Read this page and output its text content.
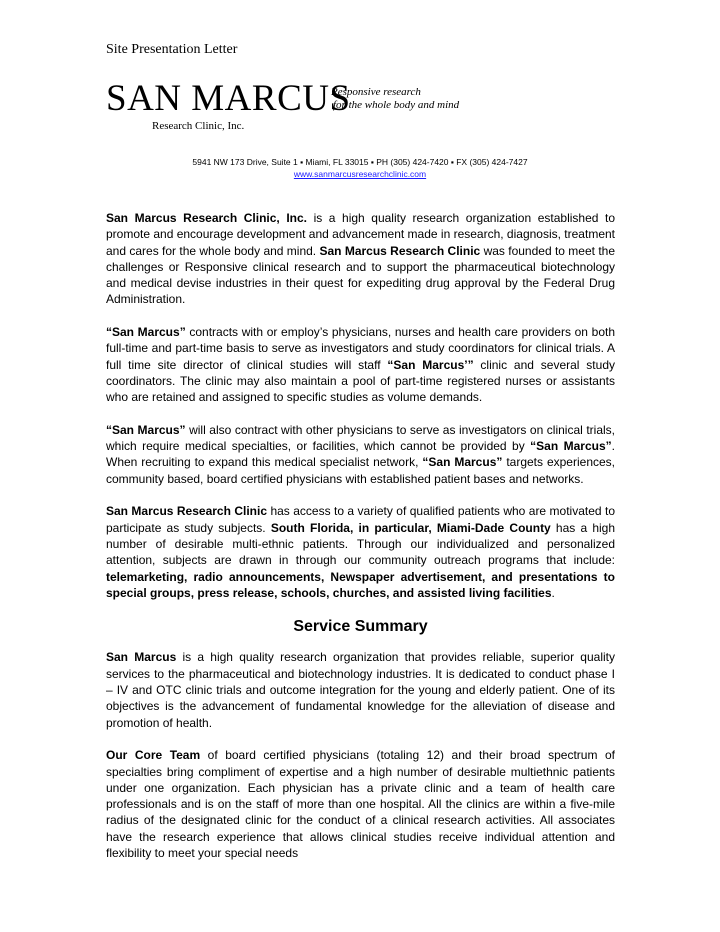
Site Presentation Letter
SAN MARCUS
Research Clinic, Inc.
Responsive research
for the whole body and mind
5941 NW 173 Drive, Suite 1 ▪ Miami, FL 33015 ▪ PH (305) 424-7420 ▪ FX (305) 424-7427
www.sanmarcusresearchclinic.com

San Marcus Research Clinic, Inc. is a high quality research organization established to promote and encourage development and advancement made in research, diagnosis, treatment and cares for the whole body and mind. San Marcus Research Clinic was founded to meet the challenges or Responsive clinical research and to support the pharmaceutical biotechnology and medical devise industries in their quest for expediting drug approval by the Federal Drug Administration.

“San Marcus” contracts with or employ’s physicians, nurses and health care providers on both full-time and part-time basis to serve as investigators and study coordinators for clinical trials. A full time site director of clinical studies will staff “San Marcus’” clinic and several study coordinators. The clinic may also maintain a pool of part-time registered nurses or assistants who are retained and assigned to specific studies as volume demands.

“San Marcus” will also contract with other physicians to serve as investigators on clinical trials, which require medical specialties, or facilities, which cannot be provided by “San Marcus”. When recruiting to expand this medical specialist network, “San Marcus” targets experiences, community based, board certified physicians with established patient bases and networks.

San Marcus Research Clinic has access to a variety of qualified patients who are motivated to participate as study subjects. South Florida, in particular, Miami-Dade County has a high number of desirable multi-ethnic patients. Through our individualized and personalized attention, subjects are drawn in through our community outreach programs that include: telemarketing, radio announcements, Newspaper advertisement, and presentations to special groups, press release, schools, churches, and assisted living facilities.

Service Summary

San Marcus is a high quality research organization that provides reliable, superior quality services to the pharmaceutical and biotechnology industries. It is dedicated to conduct phase I – IV and OTC clinic trials and outcome integration for the young and elderly patient. One of its objectives is the advancement of fundamental knowledge for the alleviation of disease and promotion of health.

Our Core Team of board certified physicians (totaling 12) and their broad spectrum of specialties bring compliment of expertise and a high number of desirable multiethnic patients under one organization. Each physician has a private clinic and a team of health care professionals and is on the staff of more than one hospital. All the clinics are within a five-mile radius of the designated clinic for the conduct of a clinical research activities. All associates have the research experience that allows clinical studies receive individual attention and flexibility to meet your special needs
